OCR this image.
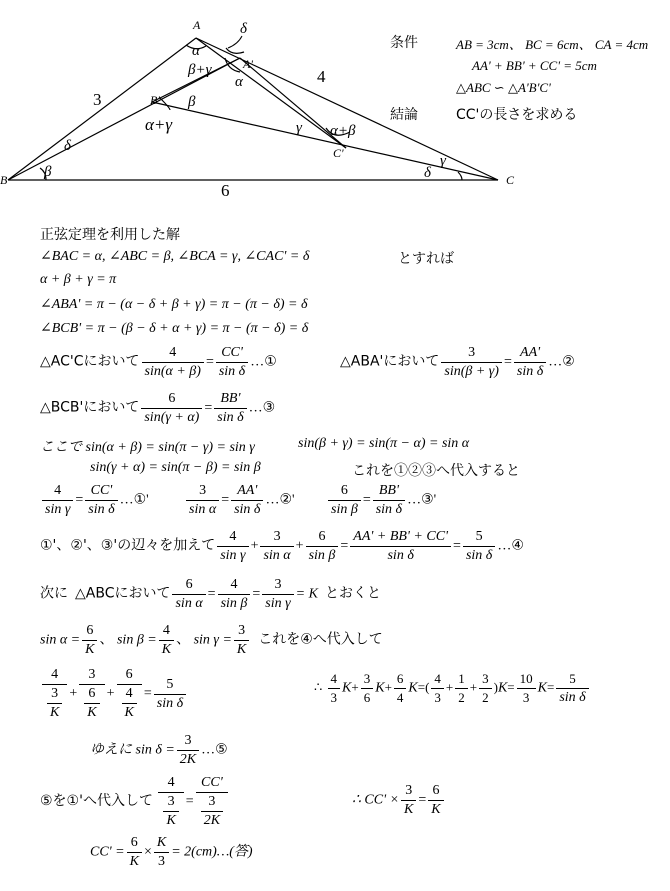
A
B	C
A'
B'
C'
3
4
6
α
δ
β+γ
α
β
α+γ	γ α+β
δ
β
γ
δ
条件	AB = 3cm、 BC = 6cm、 CA = 4cm
AA' + BB' + CC' = 5cm
△ABC ∽ △A'B'C'
結論	CC'の長さを求める
正弦定理を利用した解
∠BAC = α, ∠ABC = β, ∠BCA = γ, ∠CAC' = δ	とすれば
α + β + γ = π
∠ABA' = π − (α − δ + β + γ) = π − (π − δ) = δ
∠BCB' = π − (β − δ + α + γ) = π − (π − δ) = δ
△AC'Cにおいて $\frac{4}{\sin(\alpha + \beta)} = \frac{CC'}{\text{sin δ}}$ …①	△ABA'において $\frac{3}{\sin(\beta + \gamma)} = \frac{AA'}{\text{sin δ}}$ …②
△BCB'において $\frac{6}{\sin(\gamma + \alpha)} = \frac{BB'}{\text{sin δ}}$ …③
ここで sin(α + β) = sin(π − γ) = sin γ	sin(β + γ) = sin(π − α) = sin α
sin(γ + α) = sin(π − β) = sin β	これを①②③へ代入すると
$\frac{4}{\text{sin γ}} = \frac{CC'}{\text{sin δ}}$ …①'	$\frac{3}{\text{sin α}} = \frac{AA'}{\text{sin δ}}$ …②' $\frac{6}{\text{sin β}} = \frac{BB'}{\text{sin δ}}$ …③'
①'、②'、③'の辺々を加えて $\frac{4}{\text{sin γ}} + \frac{3}{\text{sin α}} + \frac{6}{\text{sin β}} = \frac{AA' + BB' + CC'}{\text{sin δ}} = \frac{5}{\text{sin δ}}$ …④
次に △ABCにおいて $\frac{6}{\text{sin α}} = \frac{4}{\text{sin β}} = \frac{3}{\text{sin γ}} = K$ とおくと
$\sin \alpha = \frac{6}{K}$ 、 $\sin \beta = \frac{4}{K}$ 、 $\sin \gamma = \frac{3}{K}$ これを④へ代入して
$\frac{4}{\frac{3}{K}} + \frac{3}{\frac{6}{K}} + \frac{6}{\frac{4}{K}} = \frac{5}{\text{sin δ}}$	∴ $\frac{4}{3} K+ \frac{3}{6} K+ \frac{6}{4} K=( \frac{4}{3} + \frac{1}{2} + \frac{3}{2} )K= \frac{10}{3} K= \frac{5}{\text{sin δ}}$
ゆえに $\sin \delta = \frac{3}{2K}$ …⑤
⑤を①'へ代入して $\frac{4}{\frac{3}{K}} = \frac{CC'}{\frac{3}{2K}}$	∴ $CC' \times \frac{3}{K} = \frac{6}{K}$
$CC' = \frac{6}{K} \times \frac{K}{3}$ = 2(cm)…(答)
